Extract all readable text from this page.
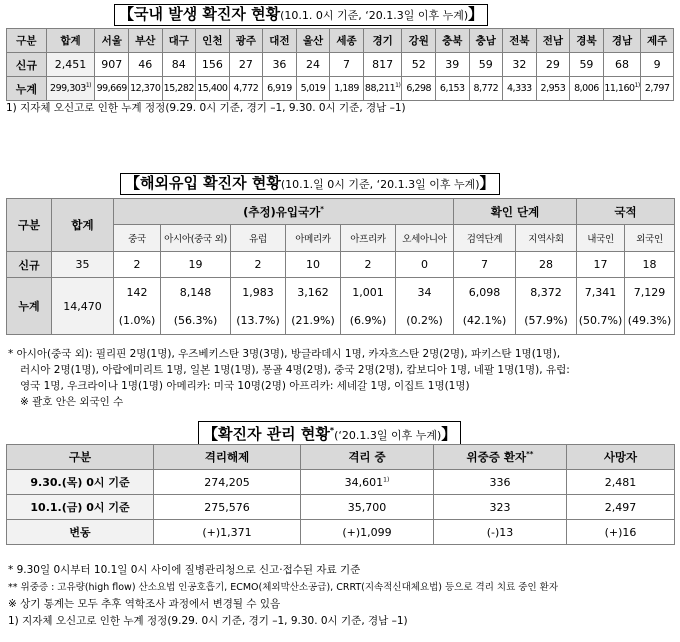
【국내 발생 확진자 현황(10.1. 0시 기준, ‘20.1.3일 이후 누계)】
구분	합계	서울	부산	대구	인천	광주	대전	울산	세종	경기	강원	충북	충남	전북	전남	경북	경남	제주
신규	2,451	907	46	84	156	27	36	24	7	817	52	39	59	32	29	59	68	9
누계	299,303$^{1)}$	99,669	12,370	15,282	15,400	4,772	6,919	5,019	1,189	88,211$^{1)}$	6,298	6,153	8,772	4,333	2,953	8,006	11,160$^{1)}$	2,797
1) 지자체 오신고로 인한 누계 정정(9.29. 0시 기준, 경기 –1, 9.30. 0시 기준, 경남 –1)
【해외유입 확진자 현황(10.1.일 0시 기준, ‘20.1.3일 이후 누계)】
구분	합계	(추정)유입국가*						확인 단계		국적	
		중국	아시아(중국 외)	유럽	아메리카	아프리카	오세아니아	검역단계	지역사회	내국인	외국인
신규	35	2	19	2	10	2	0	7	28	17	18
누계	14,470	142	8,148	1,983	3,162	1,001	34	6,098	8,372	7,341	7,129
		(1.0%)	(56.3%)	(13.7%)	(21.9%)	(6.9%)	(0.2%)	(42.1%)	(57.9%)	(50.7%)	(49.3%)
* 아시아(중국 외): 필리핀 2명(1명), 우즈베키스탄 3명(3명), 방글라데시 1명, 카자흐스탄 2명(2명), 파키스탄 1명(1명),
러시아 2명(1명), 아랍에미리트 1명, 일본 1명(1명), 몽골 4명(2명), 중국 2명(2명), 캄보디아 1명, 네팔 1명(1명), 유럽:
영국 1명, 우크라이나 1명(1명) 아메리카: 미국 10명(2명) 아프리카: 세네갈 1명, 이집트 1명(1명)
※ 괄호 안은 외국인 수
【확진자 관리 현황*(‘20.1.3일 이후 누계)】
구분	격리해제	격리 중	위중증 환자**	사망자
9.30.(목) 0시 기준	274,205	34,601$^{1)}$	336	2,481
10.1.(금) 0시 기준	275,576	35,700	323	2,497
변동	(+)1,371	(+)1,099	(-)13	(+)16
* 9.30일 0시부터 10.1일 0시 사이에 질병관리청으로 신고·접수된 자료 기준
** 위중증 : 고유량(high flow) 산소요법 인공호흡기, ECMO(체외막산소공급), CRRT(지속적신대체요법) 등으로 격리 치료 중인 환자
※ 상기 통계는 모두 추후 역학조사 과정에서 변경될 수 있음
1) 지자체 오신고로 인한 누계 정정(9.29. 0시 기준, 경기 –1, 9.30. 0시 기준, 경남 –1)
